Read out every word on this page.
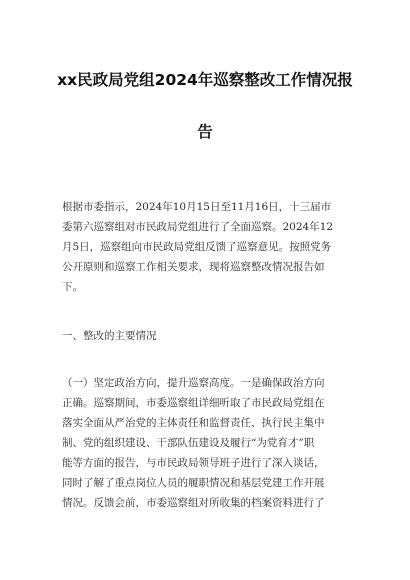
xx民政局党组2024年巡察整改工作情况报
告
根据市委指示，2024年10月15日至11月16日，十三届市
委第六巡察组对市民政局党组进行了全面巡察。2024年12
月5日，巡察组向市民政局党组反馈了巡察意见。按照党务
公开原则和巡察工作相关要求，现将巡察整改情况报告如
下。
一、整改的主要情况
（一）坚定政治方向，提升巡察高度。一是确保政治方向
正确。巡察期间，市委巡察组详细听取了市民政局党组在
落实全面从严治党的主体责任和监督责任、执行民主集中
制、党的组织建设、干部队伍建设及履行“为党育才”职
能等方面的报告，与市民政局领导班子进行了深入谈话，
同时了解了重点岗位人员的履职情况和基层党建工作开展
情况。反馈会前，市委巡察组对所收集的档案资料进行了
